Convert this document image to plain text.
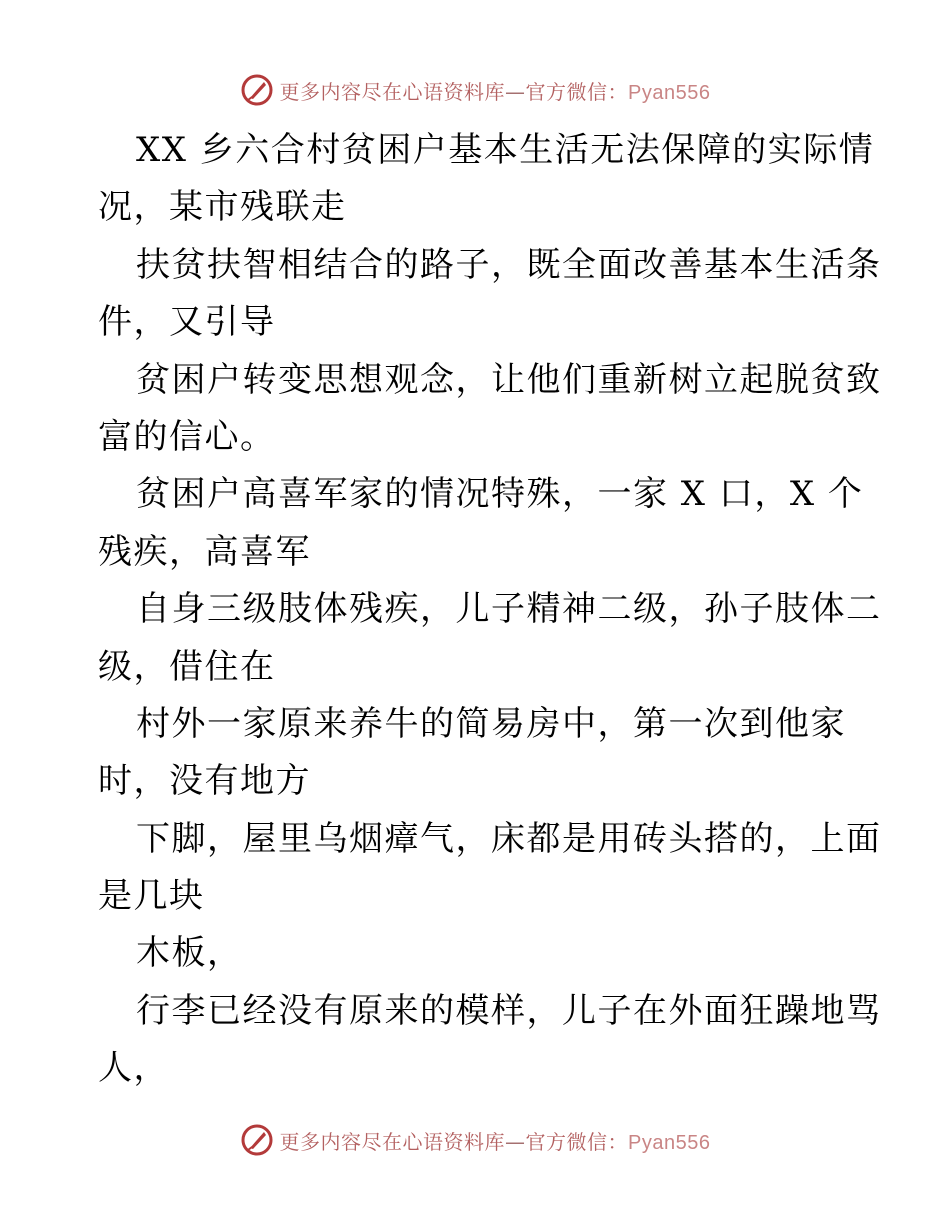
更多内容尽在心语资料库—官方微信：Pyan556
XX 乡六合村贫困户基本生活无法保障的实际情
况，某市残联走
扶贫扶智相结合的路子，既全面改善基本生活条
件，又引导
贫困户转变思想观念，让他们重新树立起脱贫致
富的信心。
贫困户高喜军家的情况特殊，一家 X 口，X 个
残疾，高喜军
自身三级肢体残疾，儿子精神二级，孙子肢体二
级，借住在
村外一家原来养牛的简易房中，第一次到他家
时，没有地方
下脚，屋里乌烟瘴气，床都是用砖头搭的，上面
是几块
木板，
行李已经没有原来的模样，儿子在外面狂躁地骂
人，
更多内容尽在心语资料库—官方微信：Pyan556
